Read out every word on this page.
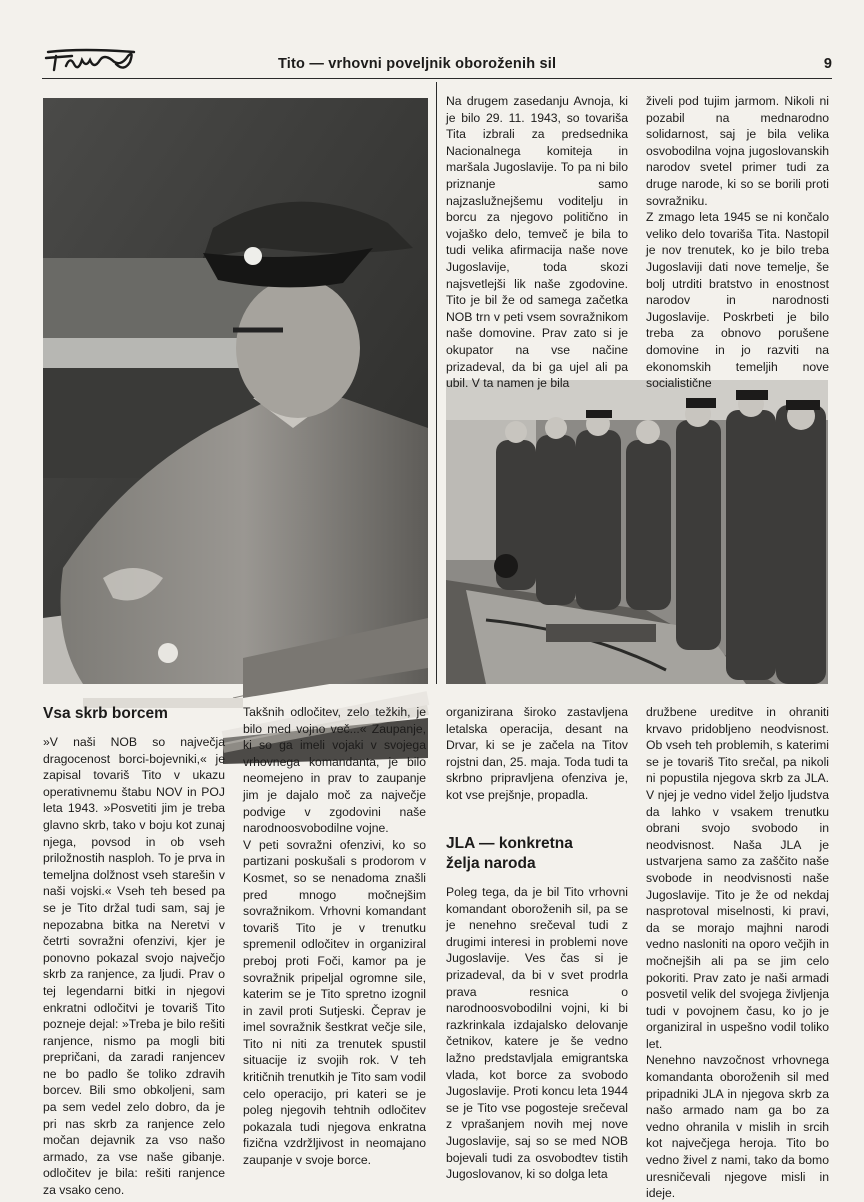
Tito — vrhovni poveljnik oboroženih sil	9

Na drugem zasedanju Avnoja, ki je bilo 29. 11. 1943, so tovariša Tita izbrali za predsednika Nacionalnega komiteja in maršala Jugoslavije. To pa ni bilo priznanje samo najzaslužnejšemu voditelju in borcu za njegovo politično in vojaško delo, temveč je bila to tudi velika afirmacija naše nove Jugoslavije, toda skozi najsvetlejši lik naše zgodovine. Tito je bil že od samega začetka NOB trn v peti vsem sovražnikom naše domovine. Prav zato si je okupator na vse načine prizadeval, da bi ga ujel ali pa ubil. V ta namen je bila

živeli pod tujim jarmom. Nikoli ni pozabil na mednarodno solidarnost, saj je bila velika osvobodilna vojna jugoslovanskih narodov svetel primer tudi za druge narode, ki so se borili proti sovražniku.
Z zmago leta 1945 se ni končalo veliko delo tovariša Tita. Nastopil je nov trenutek, ko je bilo treba Jugoslaviji dati nove temelje, še bolj utrditi bratstvo in enostnost narodov in narodnosti Jugoslavije. Poskrbeti je bilo treba za obnovo porušene domovine in jo razviti na ekonomskih temeljih nove socialistične

Vsa skrb borcem

»V naši NOB so največja dragocenost borci-bojevniki,« je zapisal tovariš Tito v ukazu operativnemu štabu NOV in POJ leta 1943. »Posvetiti jim je treba glavno skrb, tako v boju kot zunaj njega, povsod in ob vseh priložnostih nasploh. To je prva in temeljna dolžnost vseh starešin v naši vojski.« Vseh teh besed pa se je Tito držal tudi sam, saj je nepozabna bitka na Neretvi v četrti sovražni ofenzivi, kjer je ponovno pokazal svojo največjo skrb za ranjence, za ljudi. Prav o tej legendarni bitki in njegovi enkratni odločitvi je tovariš Tito pozneje dejal: »Treba je bilo rešiti ranjence, nismo pa mogli biti prepričani, da zaradi ranjencev ne bo padlo še toliko zdravih borcev. Bili smo obkoljeni, sam pa sem vedel zelo dobro, da je pri nas skrb za ranjence zelo močan dejavnik za vso našo armado, za vse naše gibanje. odločitev je bila: rešiti ranjence za vsako ceno.

Takšnih odločitev, zelo težkih, je bilo med vojno več...« Zaupanje, ki so ga imeli vojaki v svojega vrhovnega komandanta, je bilo neomejeno in prav to zaupanje jim je dajalo moč za največje podvige v zgodovini naše narodnoosvobodilne vojne.
V peti sovražni ofenzivi, ko so partizani poskušali s prodorom v Kosmet, so se nenadoma znašli pred mnogo močnejšim sovražnikom. Vrhovni komandant tovariš Tito je v trenutku spremenil odločitev in organiziral preboj proti Foči, kamor pa je sovražnik pripeljal ogromne sile, katerim se je Tito spretno izognil in zavil proti Sutjeski. Čeprav je imel sovražnik šestkrat večje sile, Tito ni niti za trenutek spustil situacije iz svojih rok. V teh kritičnih trenutkih je Tito sam vodil celo operacijo, pri kateri se je poleg njegovih tehtnih odločitev pokazala tudi njegova enkratna fizična vzdržljivost in neomajano zaupanje v svoje borce.

organizirana široko zastavljena letalska operacija, desant na Drvar, ki se je začela na Titov rojstni dan, 25. maja. Toda tudi ta skrbno pripravljena ofenziva je, kot vse prejšnje, propadla.

JLA — konkretna želja naroda

Poleg tega, da je bil Tito vrhovni komandant oboroženih sil, pa se je nenehno srečeval tudi z drugimi interesi in problemi nove Jugoslavije. Ves čas si je prizadeval, da bi v svet prodrla prava resnica o narodnoosvobodilni vojni, ki bi razkrinkala izdajalsko delovanje četnikov, katere je še vedno lažno predstavljala emigrantska vlada, kot borce za svobodo Jugoslavije. Proti koncu leta 1944 se je Tito vse pogosteje srečeval z vprašanjem novih mej nove Jugoslavije, saj so se med NOB bojevali tudi za osvobodtev tistih Jugoslovanov, ki so dolga leta

družbene ureditve in ohraniti krvavo pridobljeno neodvisnost. Ob vseh teh problemih, s katerimi se je tovariš Tito srečal, pa nikoli ni popustila njegova skrb za JLA. V njej je vedno videl željo ljudstva da lahko v vsakem trenutku obrani svojo svobodo in neodvisnost. Naša JLA je ustvarjena samo za zaščito naše svobode in neodvisnosti naše Jugoslavije. Tito je že od nekdaj nasprotoval miselnosti, ki pravi, da se morajo majhni narodi vedno nasloniti na oporo večjih in močnejših ali pa se jim celo pokoriti. Prav zato je naši armadi posvetil velik del svojega življenja tudi v povojnem času, ko jo je organiziral in uspešno vodil toliko let.
Nenehno navzočnost vrhovnega komandanta oboroženih sil med pripadniki JLA in njegova skrb za našo armado nam ga bo za vedno ohranila v mislih in srcih kot največjega heroja. Tito bo vedno živel z nami, tako da bomo uresničevali njegove misli in ideje.
